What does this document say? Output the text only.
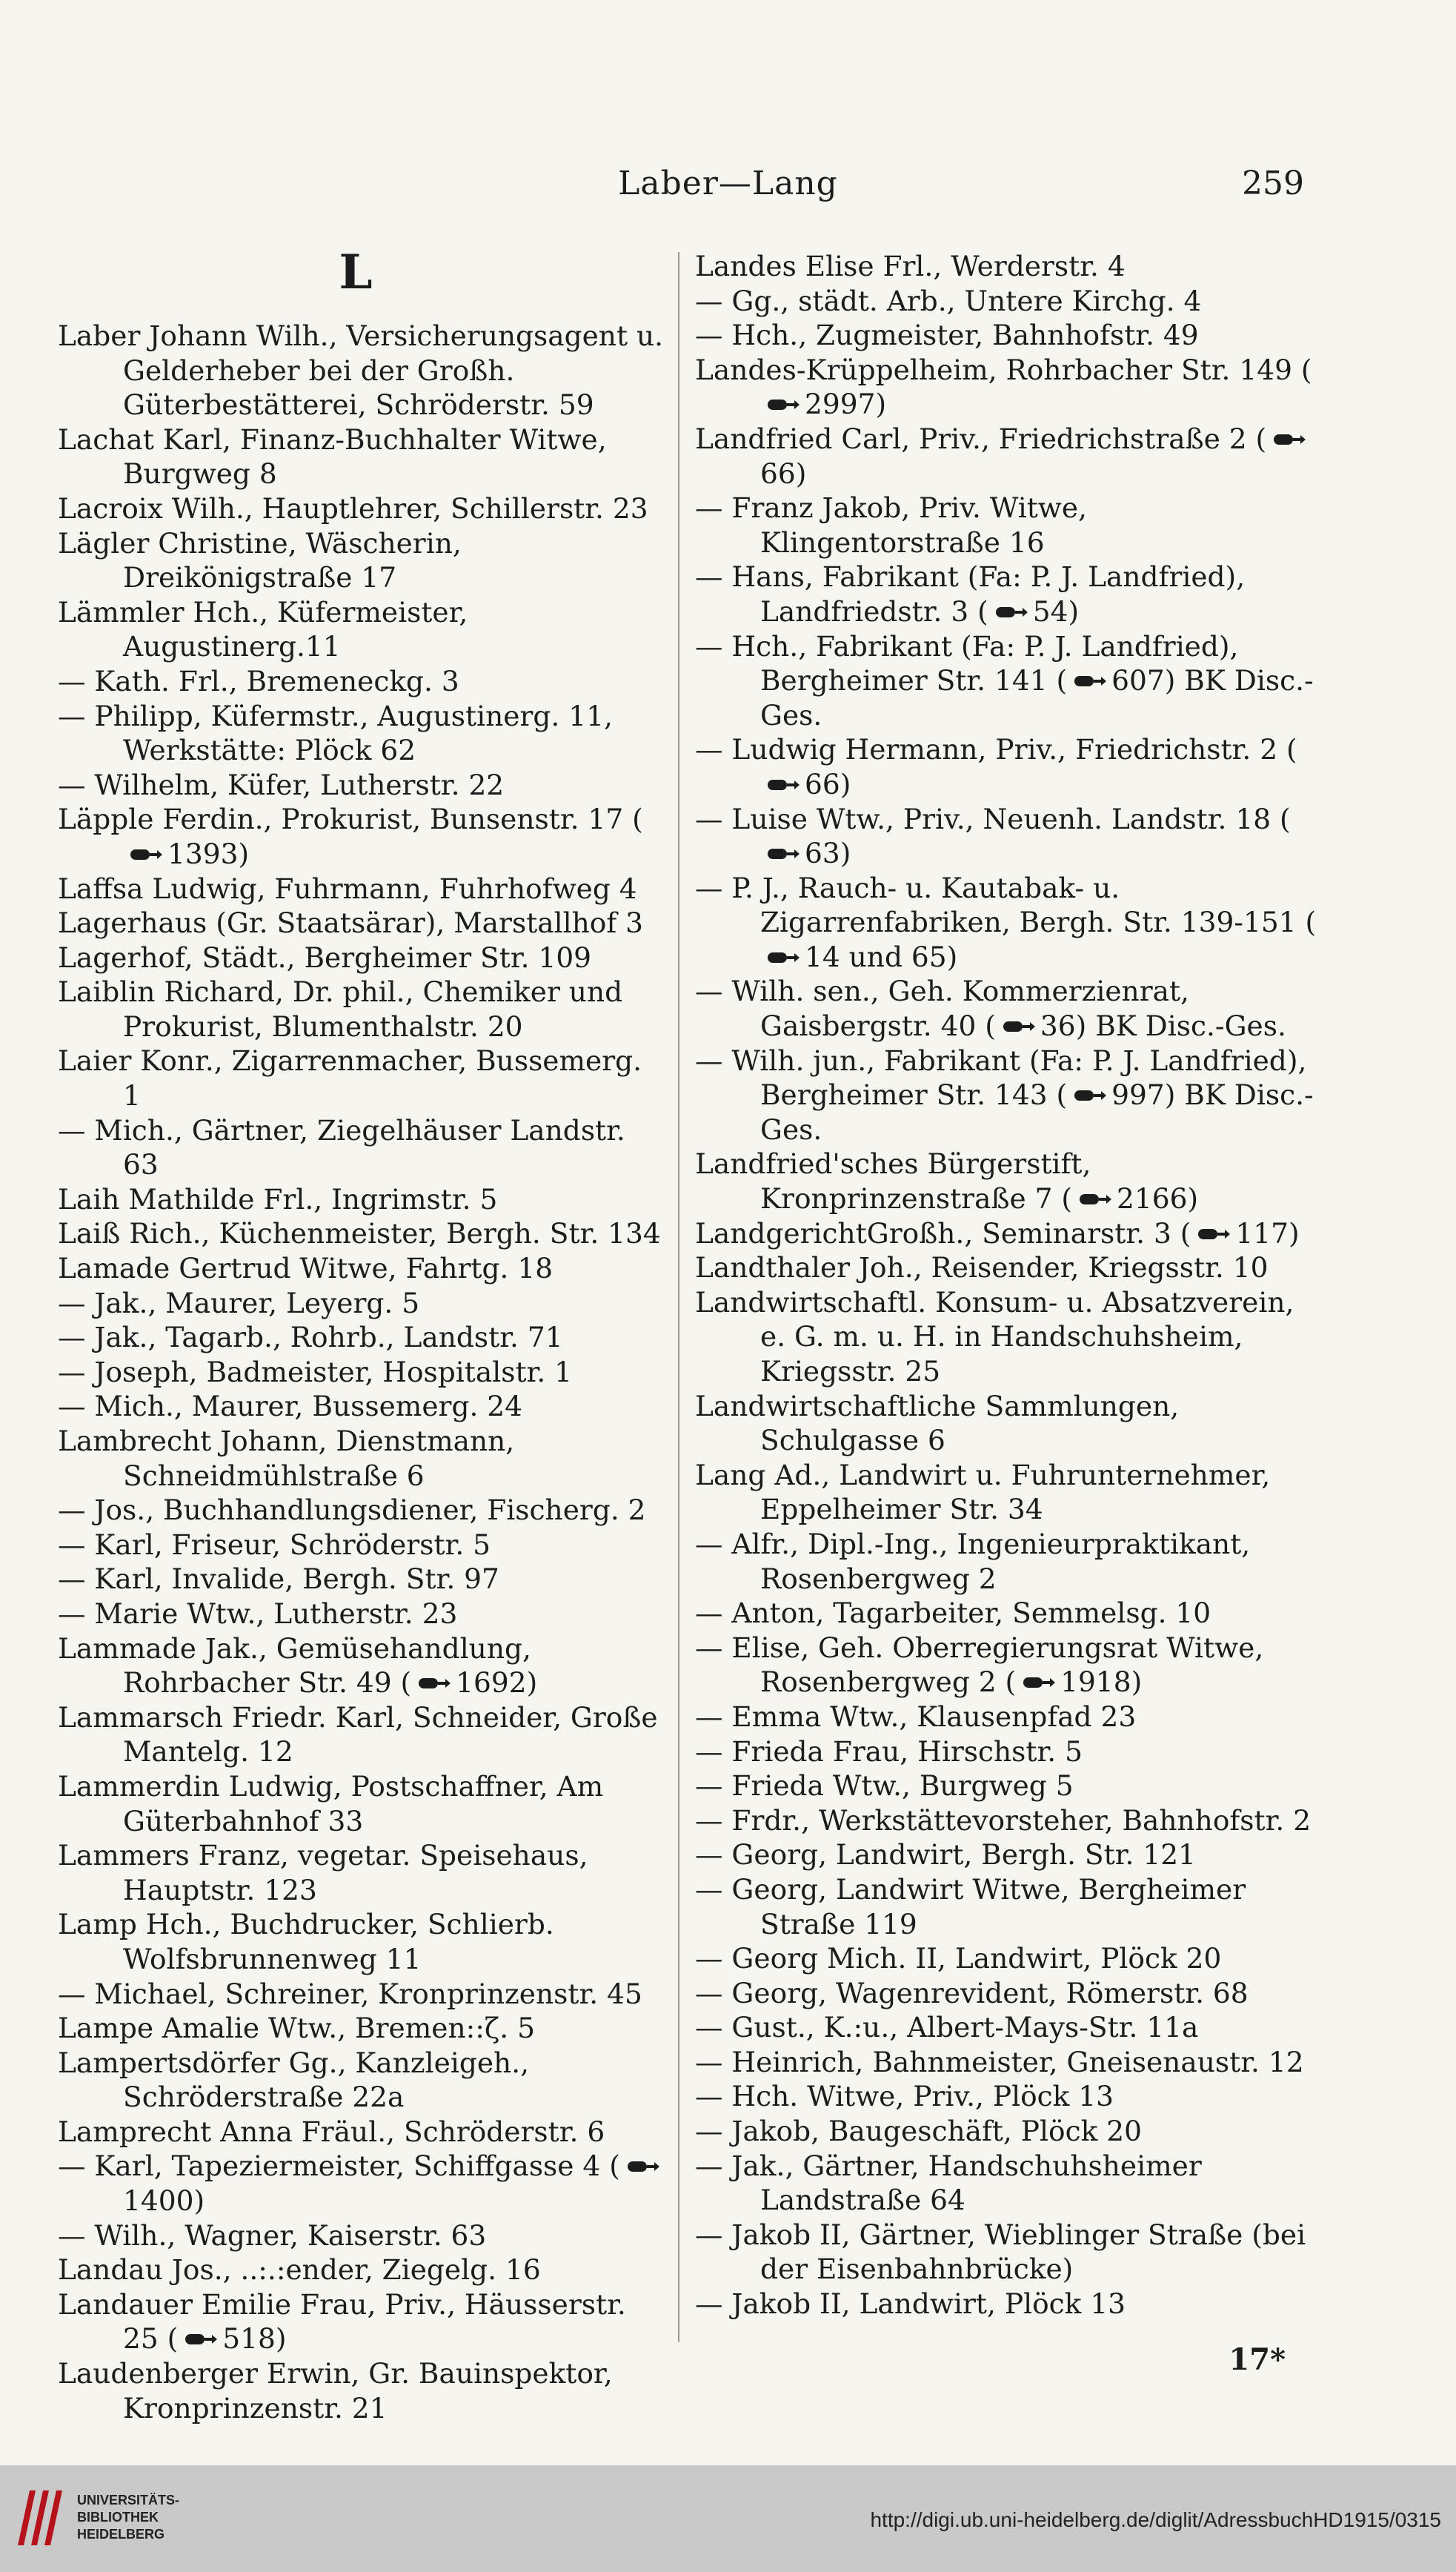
Laber—Lang	259
L
Laber Johann Wilh., Versicherungsagent u. Gelderheber bei der Großh. Güterbestätterei, Schröderstr. 59
Lachat Karl, Finanz-Buchhalter Witwe, Burgweg 8
Lacroix Wilh., Hauptlehrer, Schillerstr. 23
Lägler Christine, Wäscherin, Dreikönigstraße 17
Lämmler Hch., Küfermeister, Augustinerg.11
— Kath. Frl., Bremeneckg. 3
— Philipp, Küfermstr., Augustinerg. 11, Werkstätte: Plöck 62
— Wilhelm, Küfer, Lutherstr. 22
Läpple Ferdin., Prokurist, Bunsenstr. 17 (1393)
Laffsa Ludwig, Fuhrmann, Fuhrhofweg 4
Lagerhaus (Gr. Staatsärar), Marstallhof 3
Lagerhof, Städt., Bergheimer Str. 109
Laiblin Richard, Dr. phil., Chemiker und Prokurist, Blumenthalstr. 20
Laier Konr., Zigarrenmacher, Bussemerg. 1
— Mich., Gärtner, Ziegelhäuser Landstr. 63
Laih Mathilde Frl., Ingrimstr. 5
Laiß Rich., Küchenmeister, Bergh. Str. 134
Lamade Gertrud Witwe, Fahrtg. 18
— Jak., Maurer, Leyerg. 5
— Jak., Tagarb., Rohrb., Landstr. 71
— Joseph, Badmeister, Hospitalstr. 1
— Mich., Maurer, Bussemerg. 24
Lambrecht Johann, Dienstmann, Schneidmühlstraße 6
— Jos., Buchhandlungsdiener, Fischerg. 2
— Karl, Friseur, Schröderstr. 5
— Karl, Invalide, Bergh. Str. 97
— Marie Wtw., Lutherstr. 23
Lammade Jak., Gemüsehandlung, Rohrbacher Str. 49 ( 1692)
Lammarsch Friedr. Karl, Schneider, Große Mantelg. 12
Lammerdin Ludwig, Postschaffner, Am Güterbahnhof 33
Lammers Franz, vegetar. Speisehaus, Hauptstr. 123
Lamp Hch., Buchdrucker, Schlierb. Wolfsbrunnenweg 11
— Michael, Schreiner, Kronprinzenstr. 45
Lampe Amalie Wtw., Bremen::ζ. 5
Lampertsdörfer Gg., Kanzleigeh., Schröderstraße 22a
Lamprecht Anna Fräul., Schröderstr. 6
— Karl, Tapeziermeister, Schiffgasse 4 (1400)
— Wilh., Wagner, Kaiserstr. 63
Landau Jos., ..:.:ender, Ziegelg. 16
Landauer Emilie Frau, Priv., Häusserstr. 25 ( 518)
Laudenberger Erwin, Gr. Bauinspektor, Kronprinzenstr. 21
Landes Elise Frl., Werderstr. 4
— Gg., städt. Arb., Untere Kirchg. 4
— Hch., Zugmeister, Bahnhofstr. 49
Landes-Krüppelheim, Rohrbacher Str. 149 (2997)
Landfried Carl, Priv., Friedrichstraße 2 (66)
— Franz Jakob, Priv. Witwe, Klingentorstraße 16
— Hans, Fabrikant (Fa: P. J. Landfried), Landfriedstr. 3 ( 54)
— Hch., Fabrikant (Fa: P. J. Landfried), Bergheimer Str. 141 ( 607) BK Disc.-Ges.
— Ludwig Hermann, Priv., Friedrichstr. 2 (66)
— Luise Wtw., Priv., Neuenh. Landstr. 18 (63)
— P. J., Rauch- u. Kautabak- u. Zigarrenfabriken, Bergh. Str. 139-151 (14 und 65)
— Wilh. sen., Geh. Kommerzienrat, Gaisbergstr. 40 ( 36) BK Disc.-Ges.
— Wilh. jun., Fabrikant (Fa: P. J. Landfried), Bergheimer Str. 143 ( 997) BK Disc.-Ges.
Landfried'sches Bürgerstift, Kronprinzenstraße 7 ( 2166)
LandgerichtGroßh., Seminarstr. 3 ( 117)
Landthaler Joh., Reisender, Kriegsstr. 10
Landwirtschaftl. Konsum- u. Absatzverein, e. G. m. u. H. in Handschuhsheim, Kriegsstr. 25
Landwirtschaftliche Sammlungen, Schulgasse 6
Lang Ad., Landwirt u. Fuhrunternehmer, Eppelheimer Str. 34
— Alfr., Dipl.-Ing., Ingenieurpraktikant, Rosenbergweg 2
— Anton, Tagarbeiter, Semmelsg. 10
— Elise, Geh. Oberregierungsrat Witwe, Rosenbergweg 2 ( 1918)
— Emma Wtw., Klausenpfad 23
— Frieda Frau, Hirschstr. 5
— Frieda Wtw., Burgweg 5
— Frdr., Werkstättevorsteher, Bahnhofstr. 2
— Georg, Landwirt, Bergh. Str. 121
— Georg, Landwirt Witwe, Bergheimer Straße 119
— Georg Mich. II, Landwirt, Plöck 20
— Georg, Wagenrevident, Römerstr. 68
— Gust., K.:u., Albert-Mays-Str. 11a
— Heinrich, Bahnmeister, Gneisenaustr. 12
— Hch. Witwe, Priv., Plöck 13
— Jakob, Baugeschäft, Plöck 20
— Jak., Gärtner, Handschuhsheimer Landstraße 64
— Jakob II, Gärtner, Wieblinger Straße (bei der Eisenbahnbrücke)
— Jakob II, Landwirt, Plöck 13
17*
UNIVERSITÄTS-
BIBLIOTHEK
HEIDELBERG
http://digi.ub.uni-heidelberg.de/diglit/AdressbuchHD1915/0315
